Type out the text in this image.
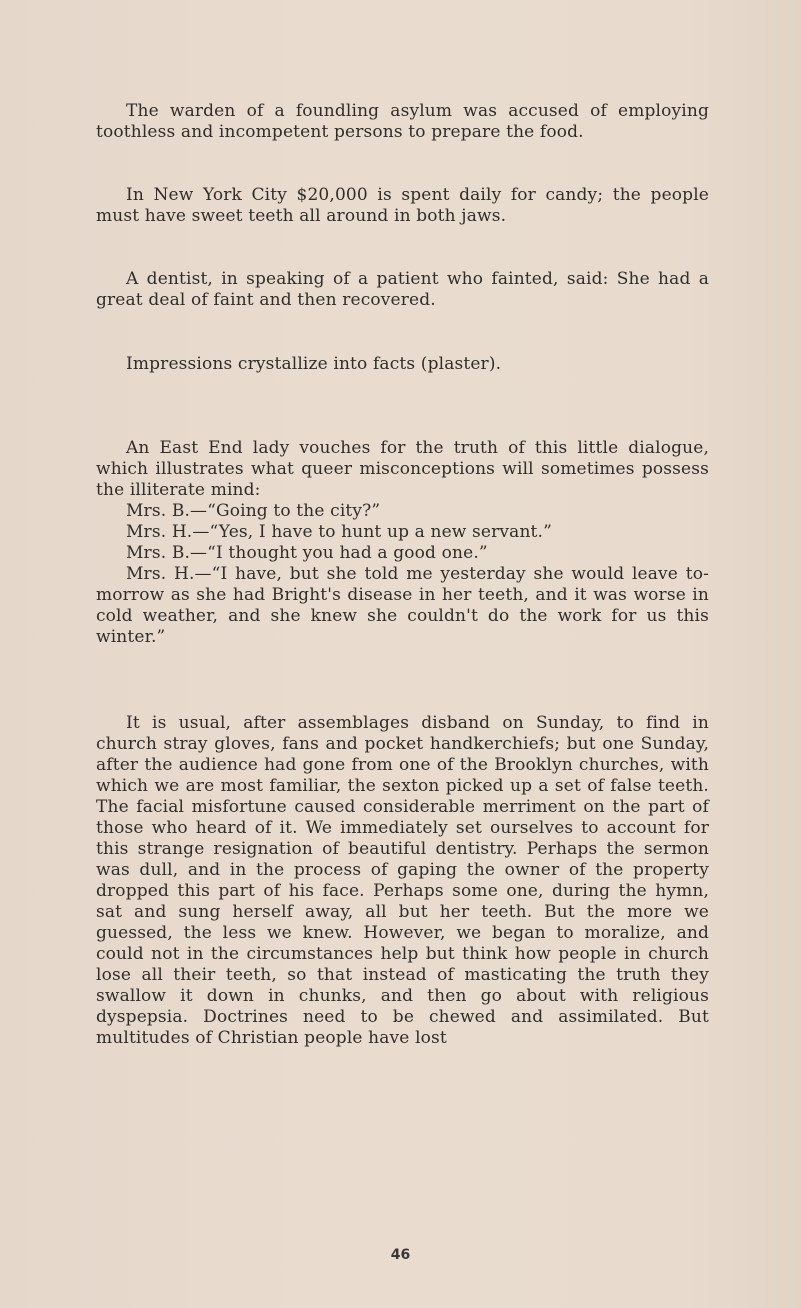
The warden of a foundling asylum was accused of employing toothless and incompetent persons to prepare the food.

In New York City $20,000 is spent daily for candy; the people must have sweet teeth all around in both jaws.

A dentist, in speaking of a patient who fainted, said: She had a great deal of faint and then recovered.

Impressions crystallize into facts (plaster).

An East End lady vouches for the truth of this little dialogue, which illustrates what queer misconceptions will sometimes possess the illiterate mind:

Mrs. B.—“Going to the city?”

Mrs. H.—“Yes, I have to hunt up a new servant.”

Mrs. B.—“I thought you had a good one.”

Mrs. H.—“I have, but she told me yesterday she would leave to-morrow as she had Bright's disease in her teeth, and it was worse in cold weather, and she knew she couldn't do the work for us this winter.”

It is usual, after assemblages disband on Sunday, to find in church stray gloves, fans and pocket handkerchiefs; but one Sunday, after the audience had gone from one of the Brooklyn churches, with which we are most familiar, the sexton picked up a set of false teeth. The facial misfortune caused considerable merriment on the part of those who heard of it. We immediately set ourselves to account for this strange resignation of beautiful dentistry. Perhaps the sermon was dull, and in the process of gaping the owner of the property dropped this part of his face. Perhaps some one, during the hymn, sat and sung herself away, all but her teeth. But the more we guessed, the less we knew. However, we began to moralize, and could not in the circumstances help but think how people in church lose all their teeth, so that instead of masticating the truth they swallow it down in chunks, and then go about with religious dyspepsia. Doctrines need to be chewed and assimilated. But multitudes of Christian people have lost

46
